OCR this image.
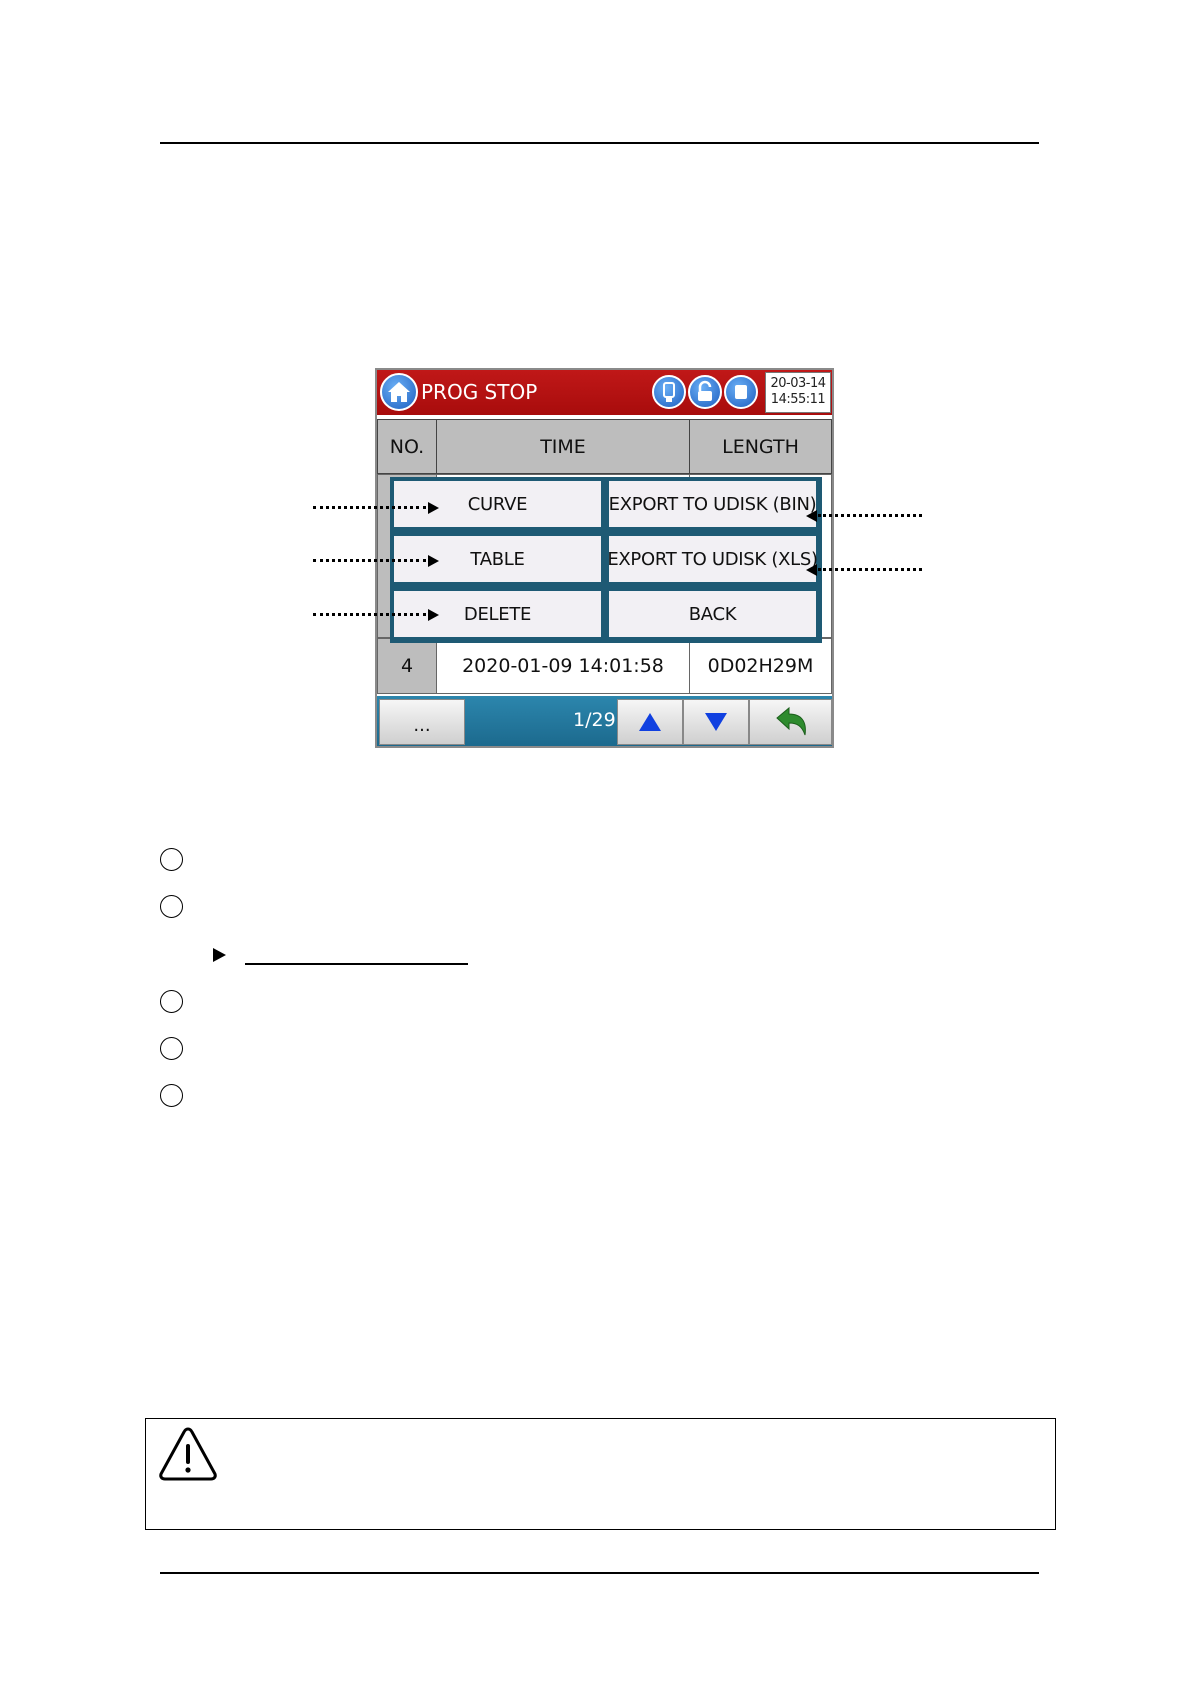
PROG STOP	20-03-14
14:55:11
NO.	TIME	LENGTH
4	2020-01-09 14:01:58	0D02H29M
CURVE	EXPORT TO UDISK (BIN)
TABLE	EXPORT TO UDISK (XLS)
DELETE	BACK
...	1/29
